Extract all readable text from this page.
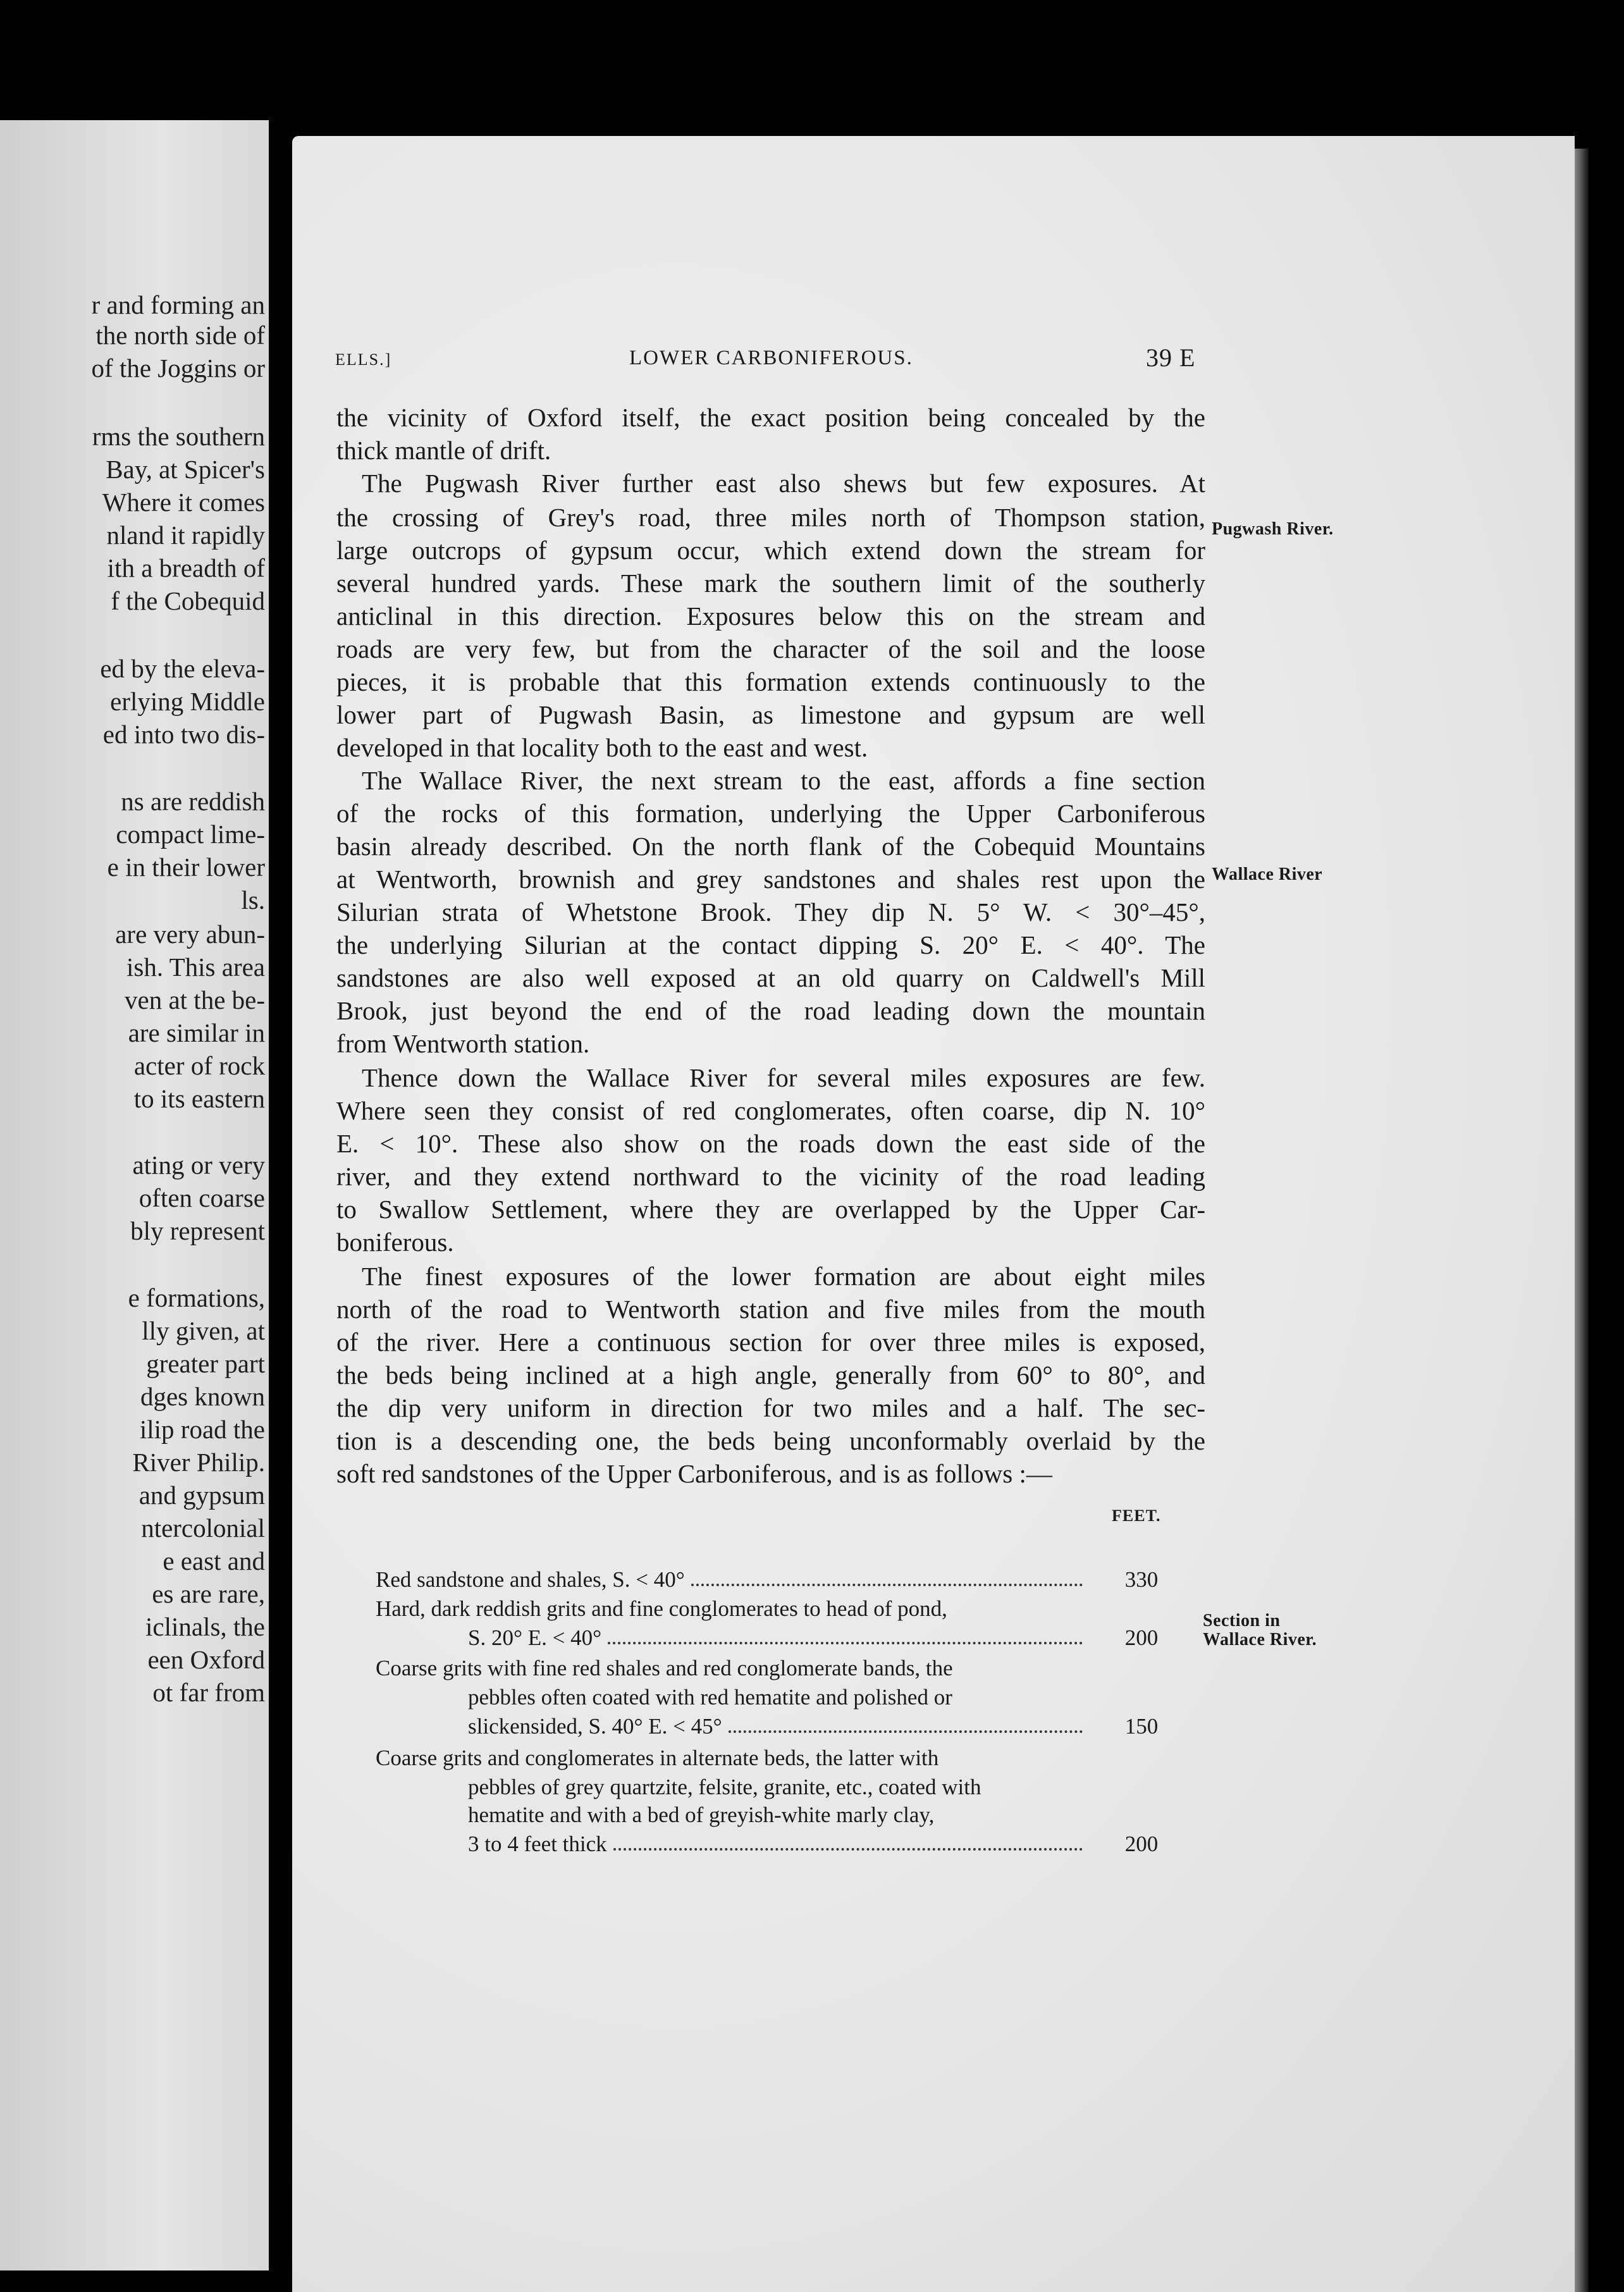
r and forming an
the north side of
of the Joggins or
rms the southern
Bay, at Spicer's
Where it comes
nland it rapidly
ith a breadth of
f the Cobequid
ed by the eleva-
erlying Middle
ed into two dis-
ns are reddish
compact lime-
e in their lower
ls.
are very abun-
ish. This area
ven at the be-
are similar in
acter of rock
to its eastern
ating or very
often coarse
bly represent
e formations,
lly given, at
greater part
dges known
ilip road the
River Philip.
and gypsum
ntercolonial
e east and
es are rare,
iclinals, the
een Oxford
ot far from
ELLS.]	LOWER CARBONIFEROUS.	39 E
the vicinity of Oxford itself, the exact position being concealed by the
thick mantle of drift.
The Pugwash River further east also shews but few exposures. At
the crossing of Grey's road, three miles north of Thompson station,
large outcrops of gypsum occur, which extend down the stream for
several hundred yards. These mark the southern limit of the southerly
anticlinal in this direction. Exposures below this on the stream and
roads are very few, but from the character of the soil and the loose
pieces, it is probable that this formation extends continuously to the
lower part of Pugwash Basin, as limestone and gypsum are well
developed in that locality both to the east and west.
The Wallace River, the next stream to the east, affords a fine section
of the rocks of this formation, underlying the Upper Carboniferous
basin already described. On the north flank of the Cobequid Mountains
at Wentworth, brownish and grey sandstones and shales rest upon the
Silurian strata of Whetstone Brook. They dip N. 5° W. < 30°–45°,
the underlying Silurian at the contact dipping S. 20° E. < 40°. The
sandstones are also well exposed at an old quarry on Caldwell's Mill
Brook, just beyond the end of the road leading down the mountain
from Wentworth station.
Thence down the Wallace River for several miles exposures are few.
Where seen they consist of red conglomerates, often coarse, dip N. 10°
E. < 10°. These also show on the roads down the east side of the
river, and they extend northward to the vicinity of the road leading
to Swallow Settlement, where they are overlapped by the Upper Car-
boniferous.
The finest exposures of the lower formation are about eight miles
north of the road to Wentworth station and five miles from the mouth
of the river. Here a continuous section for over three miles is exposed,
the beds being inclined at a high angle, generally from 60° to 80°, and
the dip very uniform in direction for two miles and a half. The sec-
tion is a descending one, the beds being unconformably overlaid by the
soft red sandstones of the Upper Carboniferous, and is as follows :—
Pugwash River.
Wallace River
Section in
Wallace River.
FEET.
Red sandstone and shales, S. < 40°	330
Hard, dark reddish grits and fine conglomerates to head of pond,
S. 20° E. < 40°	200
Coarse grits with fine red shales and red conglomerate bands, the
pebbles often coated with red hematite and polished or
slickensided, S. 40° E. < 45°	150
Coarse grits and conglomerates in alternate beds, the latter with
pebbles of grey quartzite, felsite, granite, etc., coated with
hematite and with a bed of greyish-white marly clay,
3 to 4 feet thick	200
